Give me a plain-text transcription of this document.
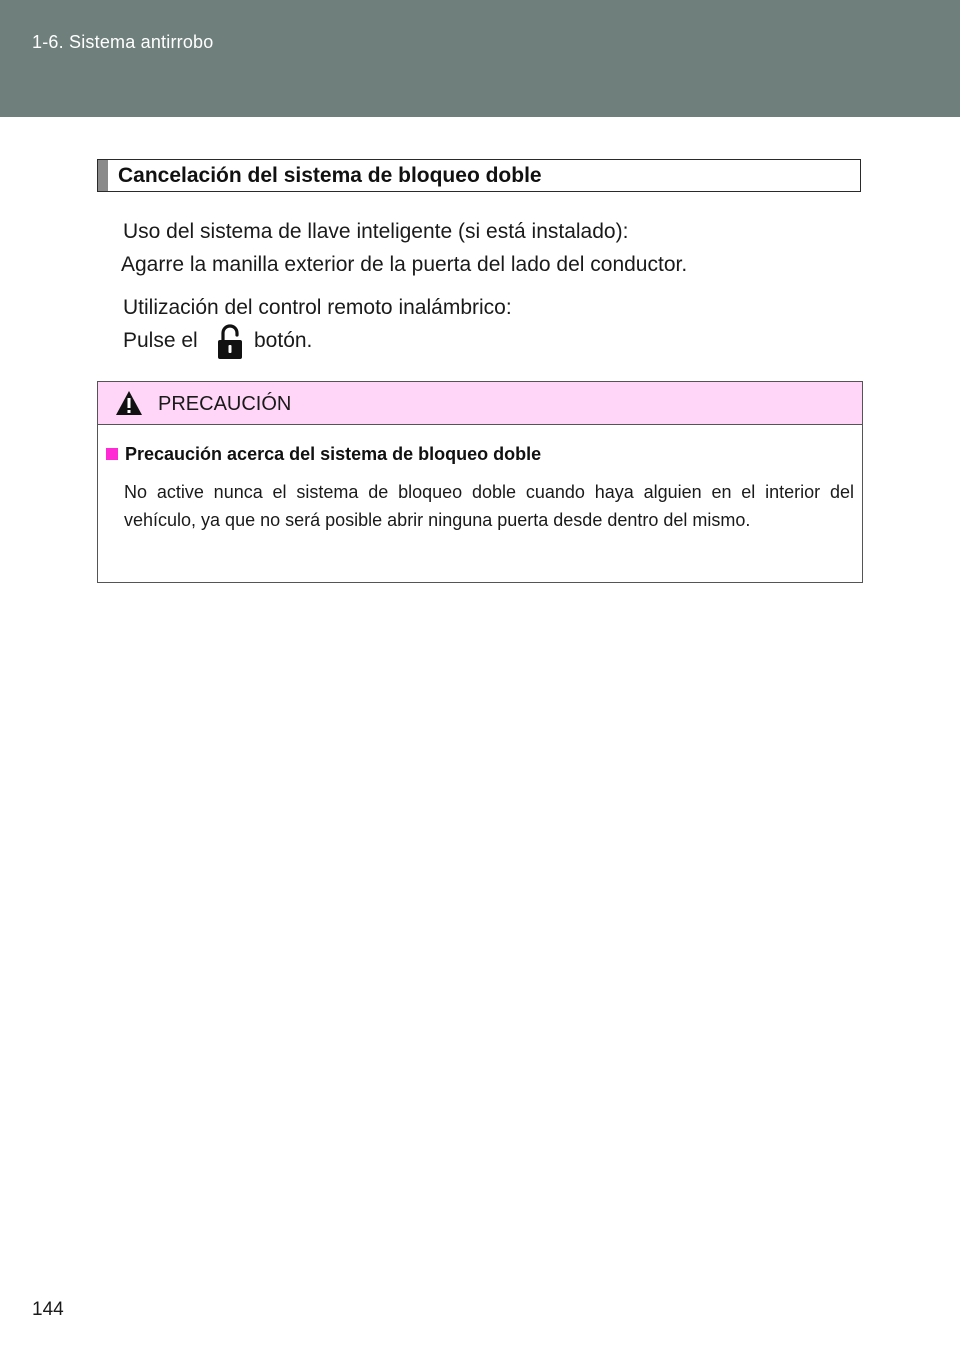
1-6. Sistema antirrobo
Cancelación del sistema de bloqueo doble
Uso del sistema de llave inteligente (si está instalado):
Agarre la manilla exterior de la puerta del lado del conductor.
Utilización del control remoto inalámbrico:
Pulse el	botón.
PRECAUCIÓN
Precaución acerca del sistema de bloqueo doble
No active nunca el sistema de bloqueo doble cuando haya alguien en el interior del vehículo, ya que no será posible abrir ninguna puerta desde dentro del mismo.
144
